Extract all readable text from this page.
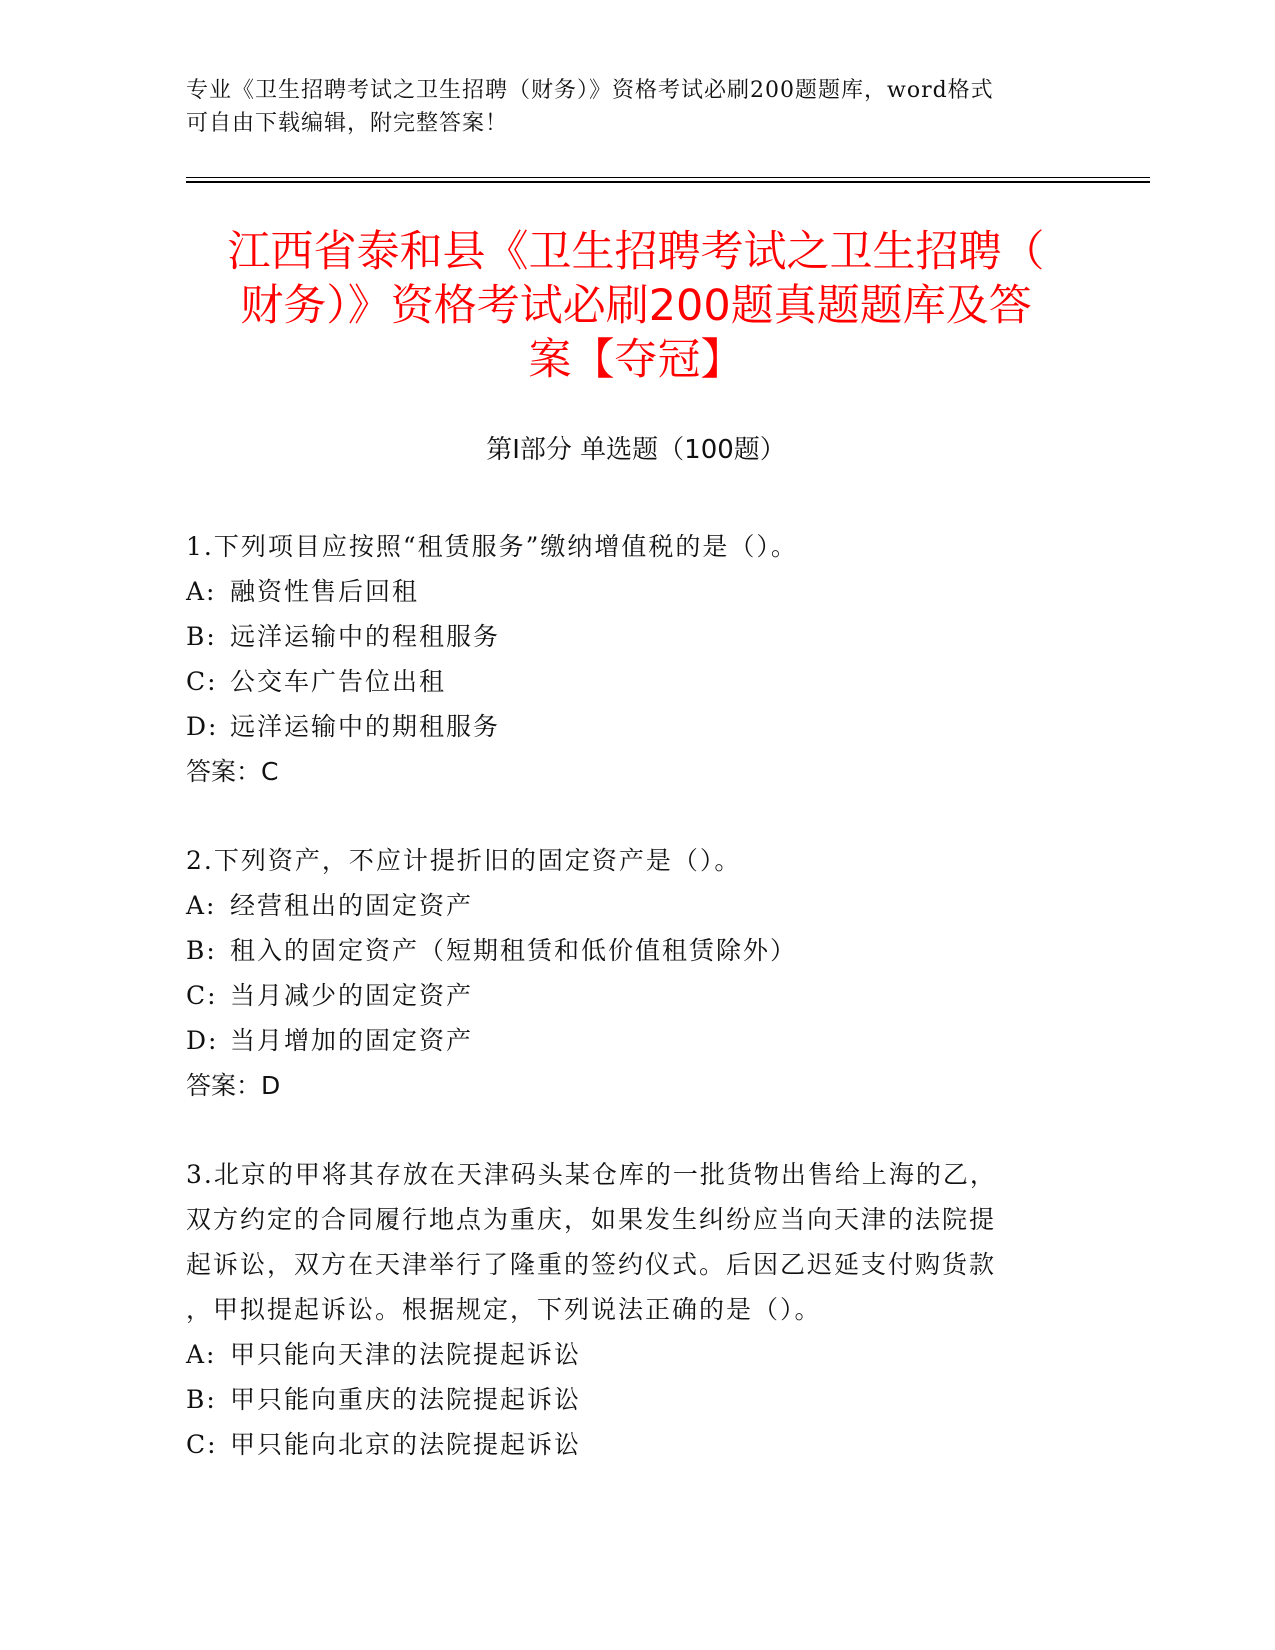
专业《卫生招聘考试之卫生招聘（财务）》资格考试必刷200题题库，word格式
可自由下载编辑，附完整答案！
江西省泰和县《卫生招聘考试之卫生招聘（
财务）》资格考试必刷200题真题题库及答
案【夺冠】
第Ⅰ部分 单选题（100题）
1.下列项目应按照“租赁服务”缴纳增值税的是（）。
A: 融资性售后回租
B: 远洋运输中的程租服务
C: 公交车广告位出租
D: 远洋运输中的期租服务
答案：C
2.下列资产，不应计提折旧的固定资产是（）。
A: 经营租出的固定资产
B: 租入的固定资产（短期租赁和低价值租赁除外）
C: 当月减少的固定资产
D: 当月增加的固定资产
答案：D
3.北京的甲将其存放在天津码头某仓库的一批货物出售给上海的乙，
双方约定的合同履行地点为重庆，如果发生纠纷应当向天津的法院提
起诉讼，双方在天津举行了隆重的签约仪式。后因乙迟延支付购货款
，甲拟提起诉讼。根据规定，下列说法正确的是（）。
A: 甲只能向天津的法院提起诉讼
B: 甲只能向重庆的法院提起诉讼
C: 甲只能向北京的法院提起诉讼
